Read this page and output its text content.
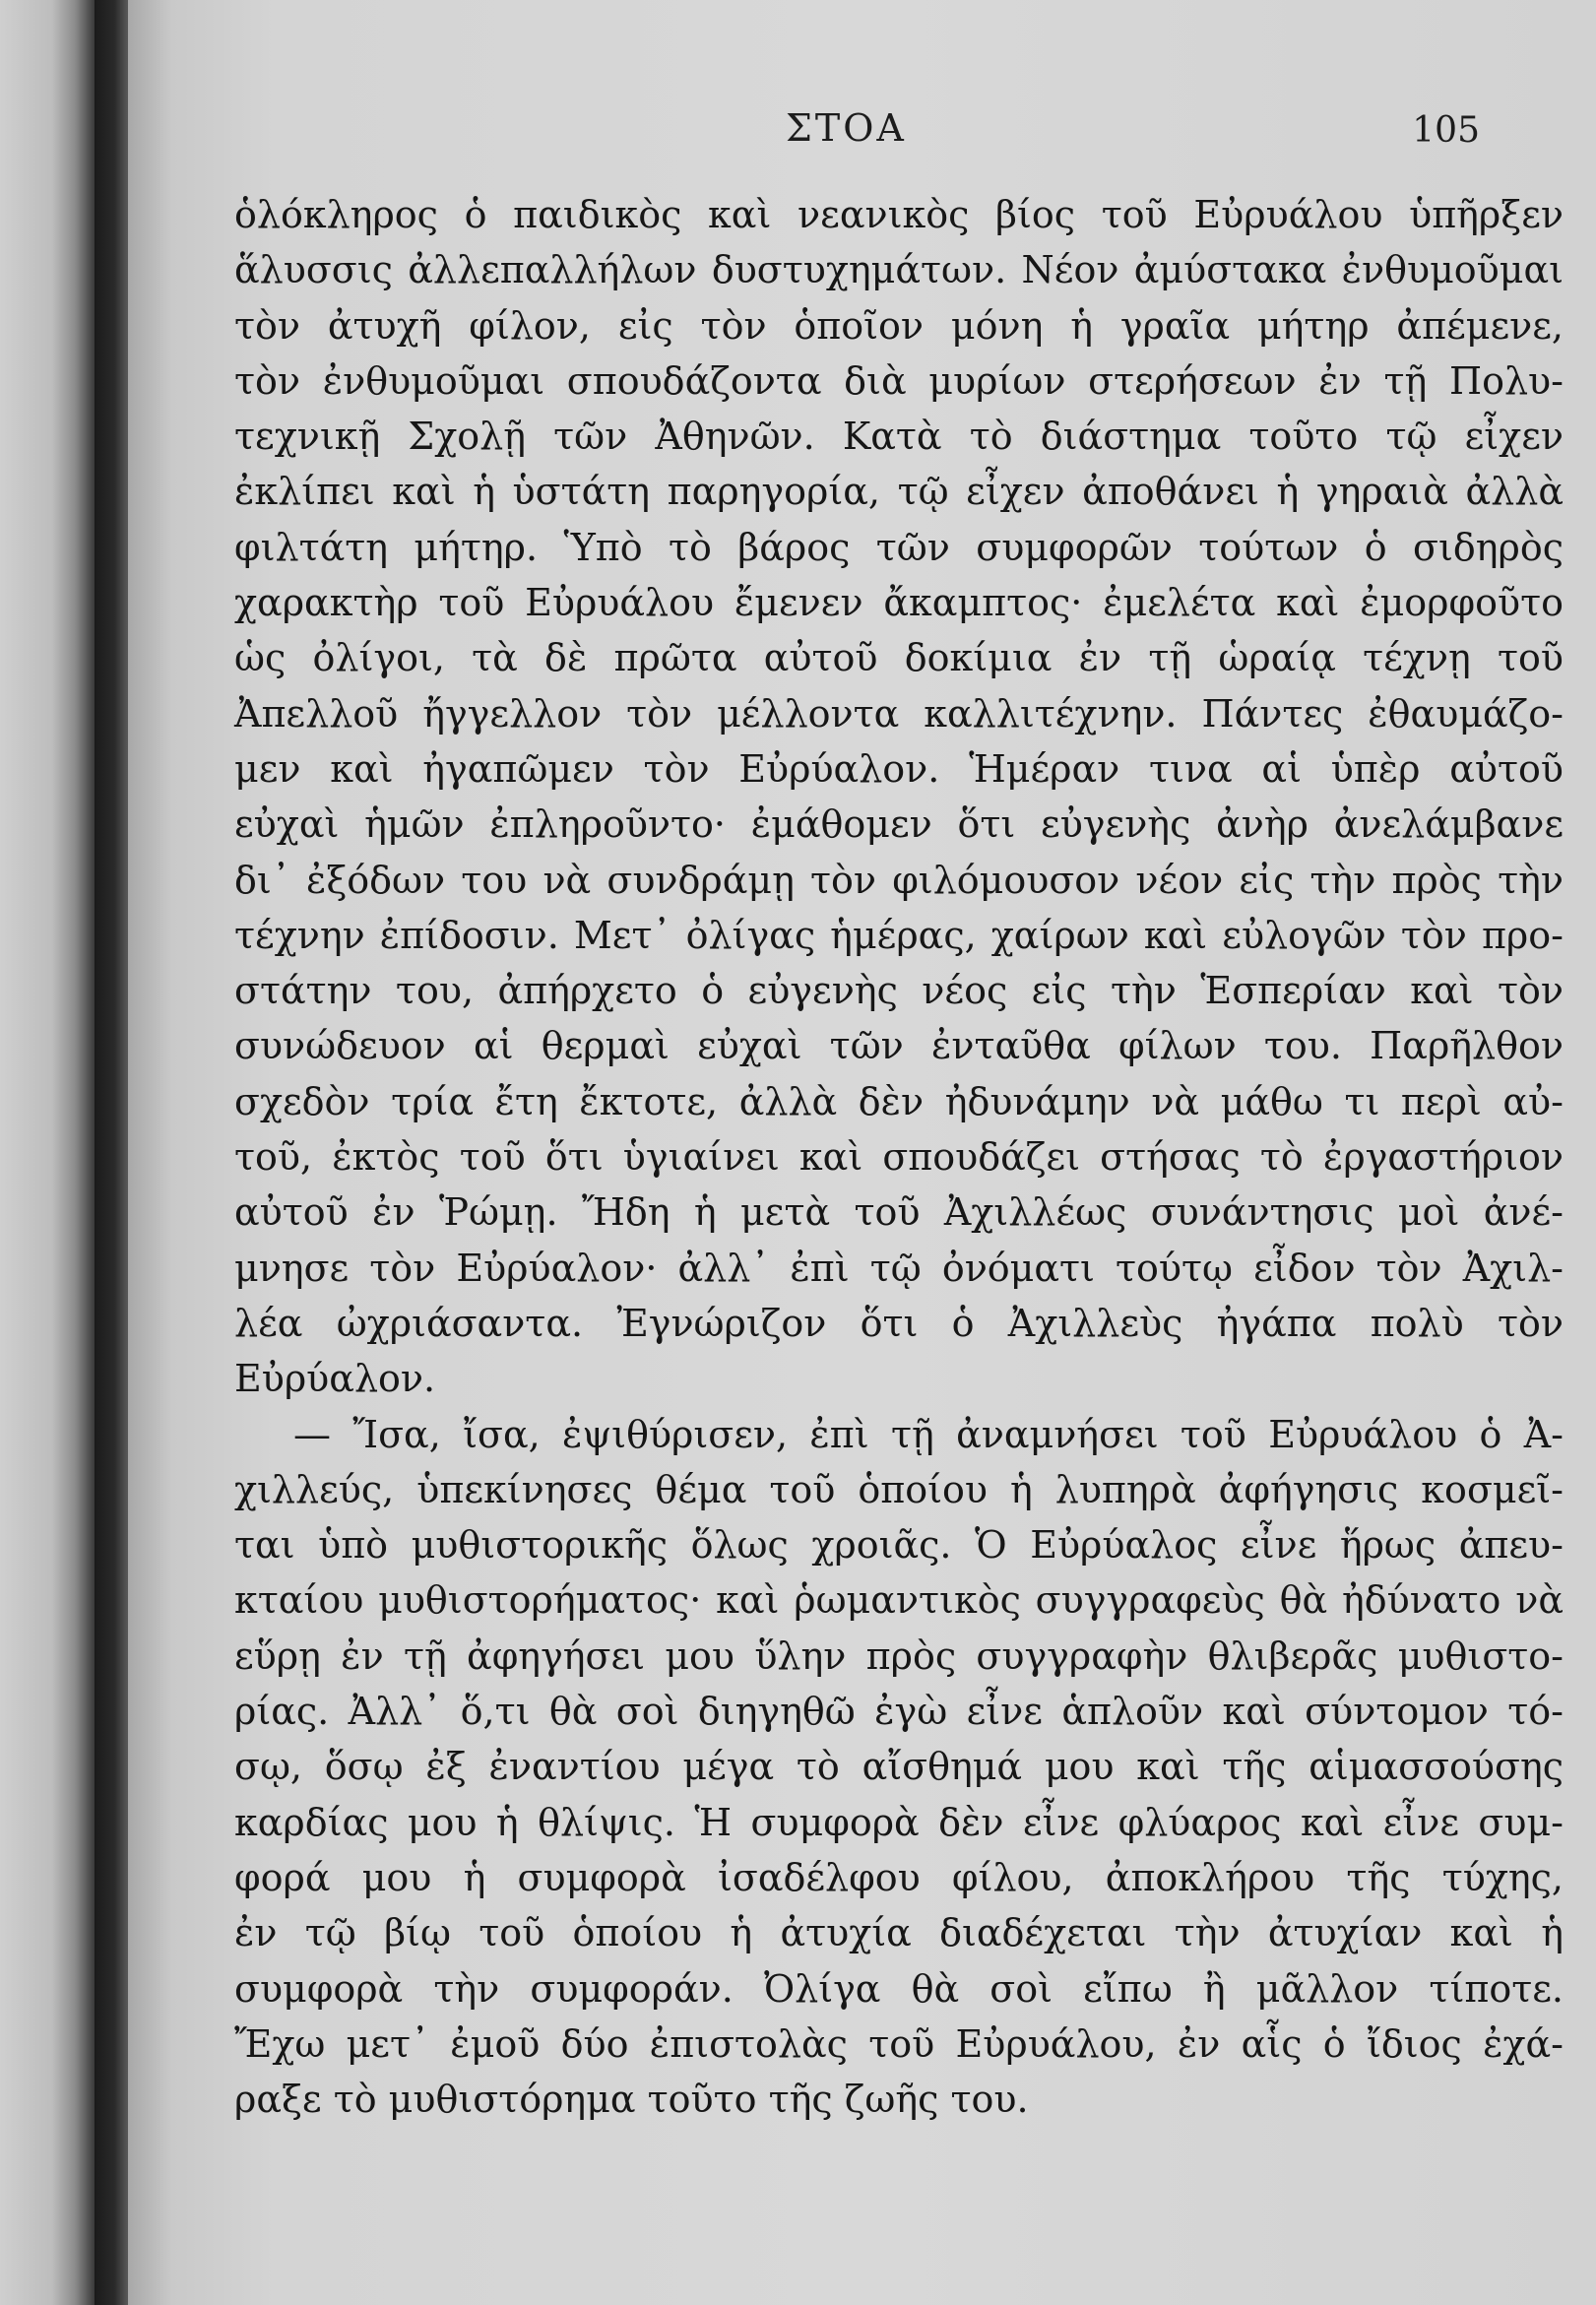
ΣΤΟΑ	105
ὁλόκληρος ὁ παιδικὸς καὶ νεανικὸς βίος τοῦ Εὐρυάλου ὑπῆρξεν
ἅλυσσις ἀλλεπαλλήλων δυστυχημάτων. Νέον ἀμύστακα ἐνθυμοῦμαι
τὸν ἀτυχῆ φίλον, εἰς τὸν ὁποῖον μόνη ἡ γραῖα μήτηρ ἀπέμενε,
τὸν ἐνθυμοῦμαι σπουδάζοντα διὰ μυρίων στερήσεων ἐν τῇ Πολυ-
τεχνικῇ Σχολῇ τῶν Ἀθηνῶν. Κατὰ τὸ διάστημα τοῦτο τῷ εἶχεν
ἐκλίπει καὶ ἡ ὑστάτη παρηγορία, τῷ εἶχεν ἀποθάνει ἡ γηραιὰ ἀλλὰ
φιλτάτη μήτηρ. Ὑπὸ τὸ βάρος τῶν συμφορῶν τούτων ὁ σιδηρὸς
χαρακτὴρ τοῦ Εὐρυάλου ἔμενεν ἄκαμπτος· ἐμελέτα καὶ ἐμορφοῦτο
ὡς ὀλίγοι, τὰ δὲ πρῶτα αὐτοῦ δοκίμια ἐν τῇ ὡραίᾳ τέχνῃ τοῦ
Ἀπελλοῦ ἤγγελλον τὸν μέλλοντα καλλιτέχνην. Πάντες ἐθαυμάζο-
μεν καὶ ἠγαπῶμεν τὸν Εὐρύαλον. Ἡμέραν τινα αἱ ὑπὲρ αὐτοῦ
εὐχαὶ ἡμῶν ἐπληροῦντο· ἐμάθομεν ὅτι εὐγενὴς ἀνὴρ ἀνελάμβανε
δι᾽ ἐξόδων του νὰ συνδράμῃ τὸν φιλόμουσον νέον εἰς τὴν πρὸς τὴν
τέχνην ἐπίδοσιν. Μετ᾽ ὀλίγας ἡμέρας, χαίρων καὶ εὐλογῶν τὸν προ-
στάτην του, ἀπήρχετο ὁ εὐγενὴς νέος εἰς τὴν Ἑσπερίαν καὶ τὸν
συνώδευον αἱ θερμαὶ εὐχαὶ τῶν ἐνταῦθα φίλων του. Παρῆλθον
σχεδὸν τρία ἔτη ἔκτοτε, ἀλλὰ δὲν ἠδυνάμην νὰ μάθω τι περὶ αὐ-
τοῦ, ἐκτὸς τοῦ ὅτι ὑγιαίνει καὶ σπουδάζει στήσας τὸ ἐργαστήριον
αὐτοῦ ἐν Ῥώμῃ. Ἤδη ἡ μετὰ τοῦ Ἀχιλλέως συνάντησις μοὶ ἀνέ-
μνησε τὸν Εὐρύαλον· ἀλλ᾽ ἐπὶ τῷ ὀνόματι τούτῳ εἶδον τὸν Ἀχιλ-
λέα ὠχριάσαντα. Ἐγνώριζον ὅτι ὁ Ἀχιλλεὺς ἠγάπα πολὺ τὸν
Εὐρύαλον.
— Ἴσα, ἴσα, ἐψιθύρισεν, ἐπὶ τῇ ἀναμνήσει τοῦ Εὐρυάλου ὁ Ἀ-
χιλλεύς, ὑπεκίνησες θέμα τοῦ ὁποίου ἡ λυπηρὰ ἀφήγησις κοσμεῖ-
ται ὑπὸ μυθιστορικῆς ὅλως χροιᾶς. Ὁ Εὐρύαλος εἶνε ἥρως ἀπευ-
κταίου μυθιστορήματος· καὶ ῥωμαντικὸς συγγραφεὺς θὰ ἠδύνατο νὰ
εὕρῃ ἐν τῇ ἀφηγήσει μου ὕλην πρὸς συγγραφὴν θλιβερᾶς μυθιστο-
ρίας. Ἀλλ᾽ ὅ,τι θὰ σοὶ διηγηθῶ ἐγὼ εἶνε ἁπλοῦν καὶ σύντομον τό-
σῳ, ὅσῳ ἐξ ἐναντίου μέγα τὸ αἴσθημά μου καὶ τῆς αἱμασσούσης
καρδίας μου ἡ θλίψις. Ἡ συμφορὰ δὲν εἶνε φλύαρος καὶ εἶνε συμ-
φορά μου ἡ συμφορὰ ἰσαδέλφου φίλου, ἀποκλήρου τῆς τύχης,
ἐν τῷ βίῳ τοῦ ὁποίου ἡ ἀτυχία διαδέχεται τὴν ἀτυχίαν καὶ ἡ
συμφορὰ τὴν συμφοράν. Ὀλίγα θὰ σοὶ εἴπω ἢ μᾶλλον τίποτε.
Ἔχω μετ᾽ ἐμοῦ δύο ἐπιστολὰς τοῦ Εὐρυάλου, ἐν αἷς ὁ ἴδιος ἐχά-
ραξε τὸ μυθιστόρημα τοῦτο τῆς ζωῆς του.
